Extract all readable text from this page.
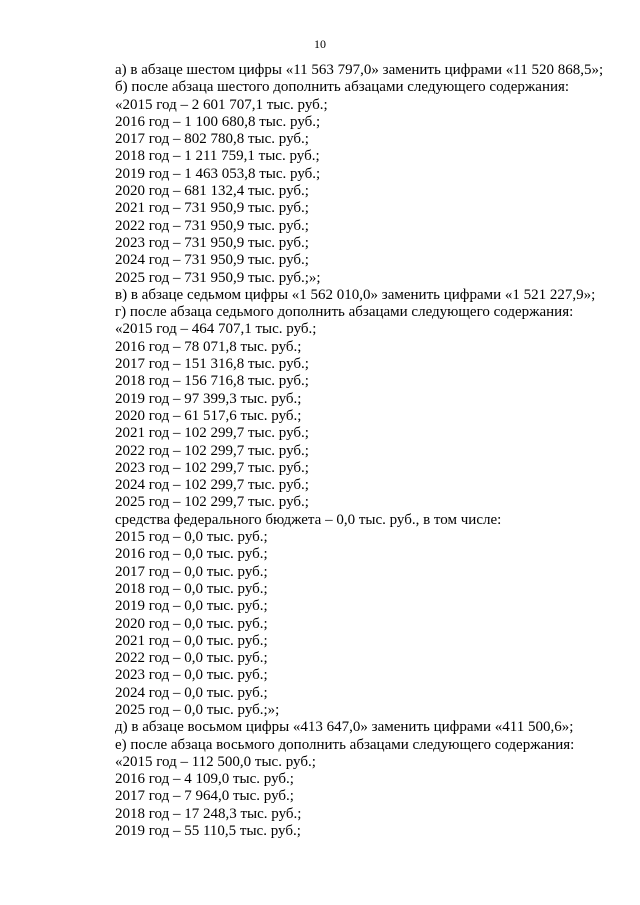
10
а) в абзаце шестом цифры «11 563 797,0» заменить цифрами «11 520 868,5»;
б) после абзаца шестого дополнить абзацами следующего содержания:
«2015 год – 2 601 707,1 тыс. руб.;
2016 год – 1 100 680,8 тыс. руб.;
2017 год – 802 780,8 тыс. руб.;
2018 год – 1 211 759,1 тыс. руб.;
2019 год – 1 463 053,8 тыс. руб.;
2020 год – 681 132,4 тыс. руб.;
2021 год – 731 950,9 тыс. руб.;
2022 год – 731 950,9 тыс. руб.;
2023 год – 731 950,9 тыс. руб.;
2024 год – 731 950,9 тыс. руб.;
2025 год – 731 950,9 тыс. руб.;»;
в) в абзаце седьмом цифры «1 562 010,0» заменить цифрами «1 521 227,9»;
г) после абзаца седьмого дополнить абзацами следующего содержания:
«2015 год – 464 707,1 тыс. руб.;
2016 год – 78 071,8 тыс. руб.;
2017 год – 151 316,8 тыс. руб.;
2018 год – 156 716,8 тыс. руб.;
2019 год – 97 399,3 тыс. руб.;
2020 год – 61 517,6 тыс. руб.;
2021 год – 102 299,7 тыс. руб.;
2022 год – 102 299,7 тыс. руб.;
2023 год – 102 299,7 тыс. руб.;
2024 год – 102 299,7 тыс. руб.;
2025 год – 102 299,7 тыс. руб.;
средства федерального бюджета – 0,0 тыс. руб., в том числе:
2015 год – 0,0 тыс. руб.;
2016 год – 0,0 тыс. руб.;
2017 год – 0,0 тыс. руб.;
2018 год – 0,0 тыс. руб.;
2019 год – 0,0 тыс. руб.;
2020 год – 0,0 тыс. руб.;
2021 год – 0,0 тыс. руб.;
2022 год – 0,0 тыс. руб.;
2023 год – 0,0 тыс. руб.;
2024 год – 0,0 тыс. руб.;
2025 год – 0,0 тыс. руб.;»;
д) в абзаце восьмом цифры «413 647,0» заменить цифрами «411 500,6»;
е) после абзаца восьмого дополнить абзацами следующего содержания:
«2015 год – 112 500,0 тыс. руб.;
2016 год – 4 109,0 тыс. руб.;
2017 год – 7 964,0 тыс. руб.;
2018 год – 17 248,3 тыс. руб.;
2019 год – 55 110,5 тыс. руб.;
